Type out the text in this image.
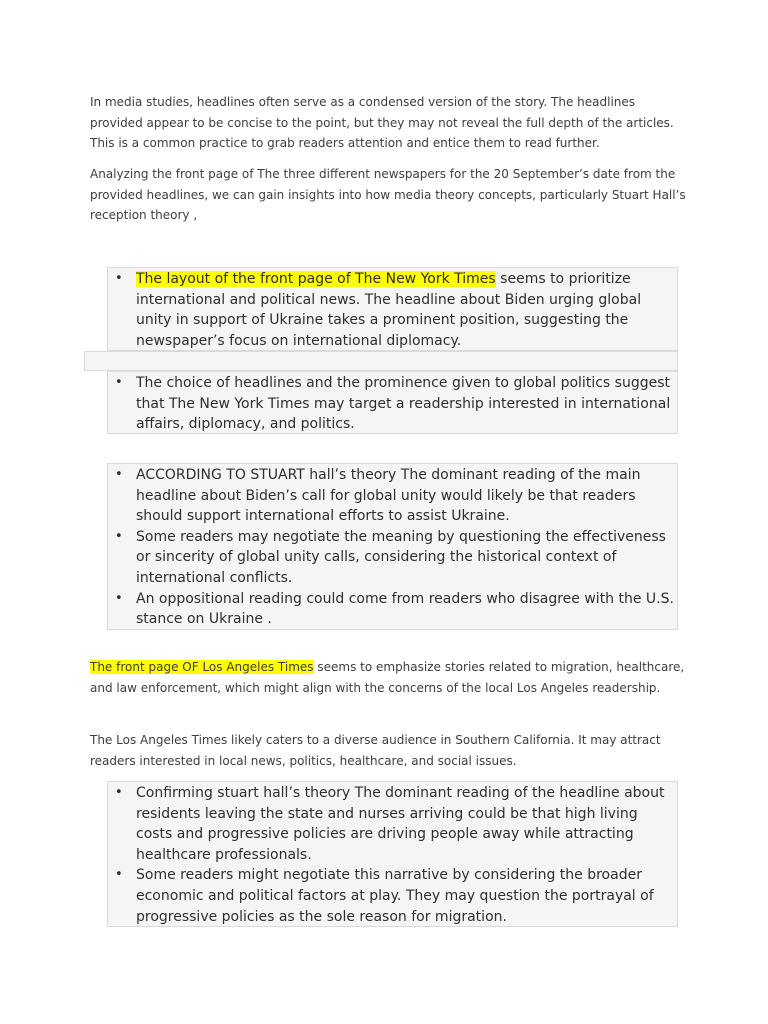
In media studies, headlines often serve as a condensed version of the story. The headlines provided appear to be concise to the point, but they may not reveal the full depth of the articles. This is a common practice to grab readers attention and entice them to read further.

Analyzing the front page of The three different newspapers for the 20 September’s date from the provided headlines, we can gain insights into how media theory concepts, particularly Stuart Hall’s reception theory ,

• The layout of the front page of The New York Times seems to prioritize international and political news. The headline about Biden urging global unity in support of Ukraine takes a prominent position, suggesting the newspaper’s focus on international diplomacy.
• The choice of headlines and the prominence given to global politics suggest that The New York Times may target a readership interested in international affairs, diplomacy, and politics.
• ACCORDING TO STUART hall’s theory The dominant reading of the main headline about Biden’s call for global unity would likely be that readers should support international efforts to assist Ukraine.
• Some readers may negotiate the meaning by questioning the effectiveness or sincerity of global unity calls, considering the historical context of international conflicts.
• An oppositional reading could come from readers who disagree with the U.S. stance on Ukraine .

The front page OF Los Angeles Times seems to emphasize stories related to migration, healthcare, and law enforcement, which might align with the concerns of the local Los Angeles readership.

The Los Angeles Times likely caters to a diverse audience in Southern California. It may attract readers interested in local news, politics, healthcare, and social issues.

• Confirming stuart hall’s theory The dominant reading of the headline about residents leaving the state and nurses arriving could be that high living costs and progressive policies are driving people away while attracting healthcare professionals.
• Some readers might negotiate this narrative by considering the broader economic and political factors at play. They may question the portrayal of progressive policies as the sole reason for migration.
